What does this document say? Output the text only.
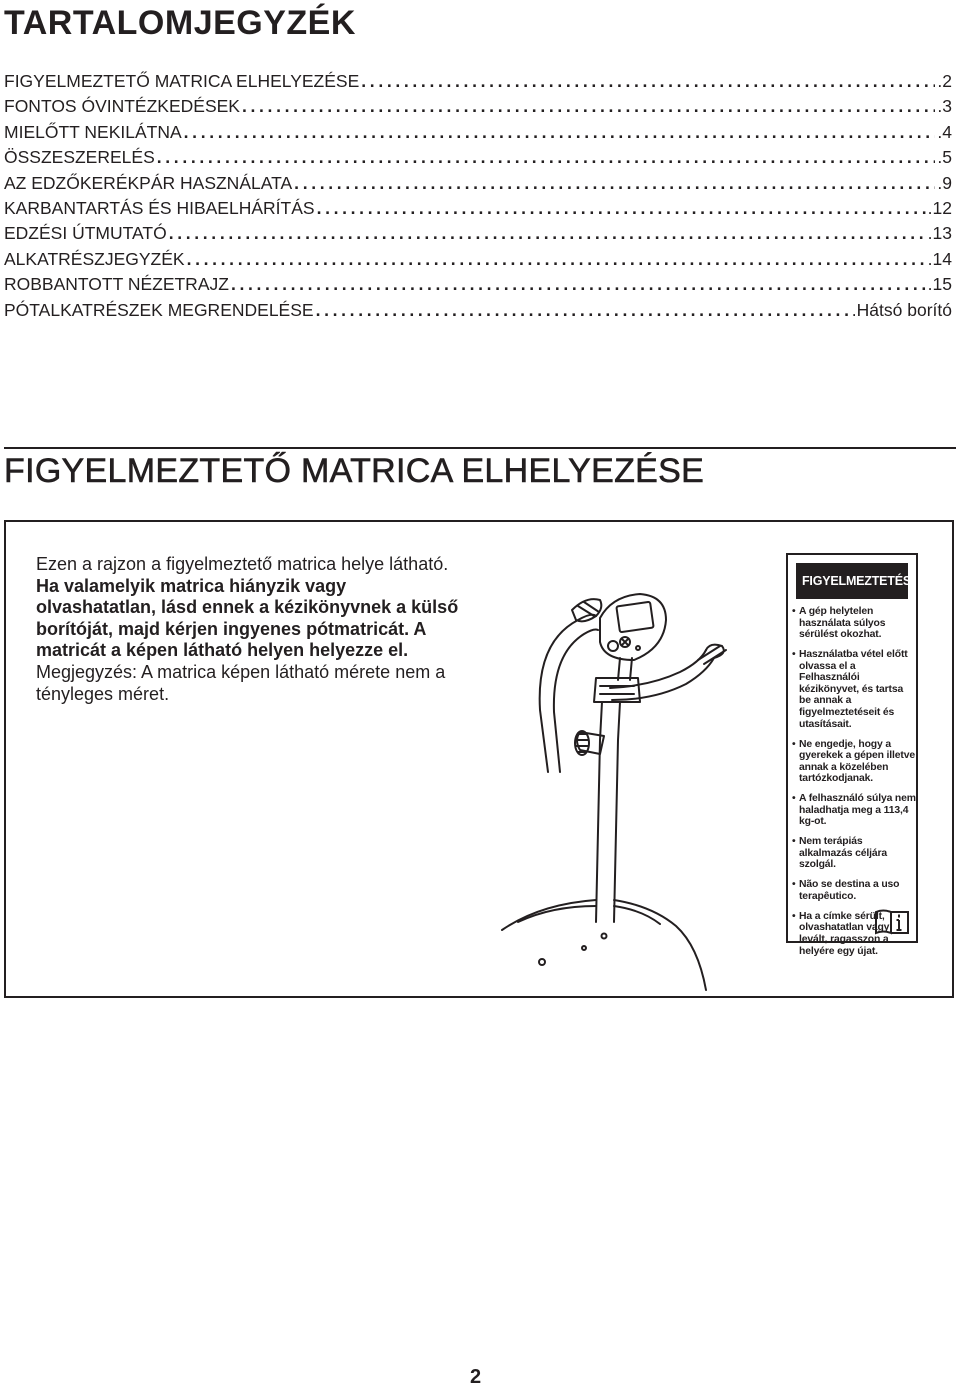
TARTALOMJEGYZÉK
FIGYELMEZTETŐ MATRICA ELHELYEZÉSE . . .	.2
FONTOS ÓVINTÉZKEDÉSEK . . .	.3
MIELŐTT NEKILÁTNA . . .	.4
ÖSSZESZERELÉS . . .	.5
AZ EDZŐKERÉKPÁR HASZNÁLATA . . .	.9
KARBANTARTÁS ÉS HIBAELHÁRÍTÁS . . .	.12
EDZÉSI ÚTMUTATÓ . . .	.13
ALKATRÉSZJEGYZÉK . . .	.14
ROBBANTOTT NÉZETRAJZ . . .	.15
PÓTALKATRÉSZEK MEGRENDELÉSE . . .	.Hátsó borító
FIGYELMEZTETŐ MATRICA ELHELYEZÉSE

Ezen a rajzon a figyelmeztető matrica helye látható. Ha valamelyik matrica hiányzik vagy olvashatatlan, lásd ennek a kézikönyvnek a külső borítóját, majd kérjen ingyenes pótmatricát. A matricát a képen látható helyen helyezze el. Megjegyzés: A matrica képen látható mérete nem a tényleges méret.

FIGYELMEZTETÉS
• A gép helytelen használata súlyos sérülést okozhat.
• Használatba vétel előtt olvassa el a Felhasználói kézikönyvet, és tartsa be annak a figyelmeztetéseit és utasításait.
• Ne engedje, hogy a gyerekek a gépen illetve annak a közelében tartózkodjanak.
• A felhasználó súlya nem haladhatja meg a 113,4 kg-ot.
• Nem terápiás alkalmazás céljára szolgál.
• Não se destina a uso terapêutico.
• Ha a címke sérült, olvashatatlan vagy levált, ragasszon a helyére egy újat.
2
